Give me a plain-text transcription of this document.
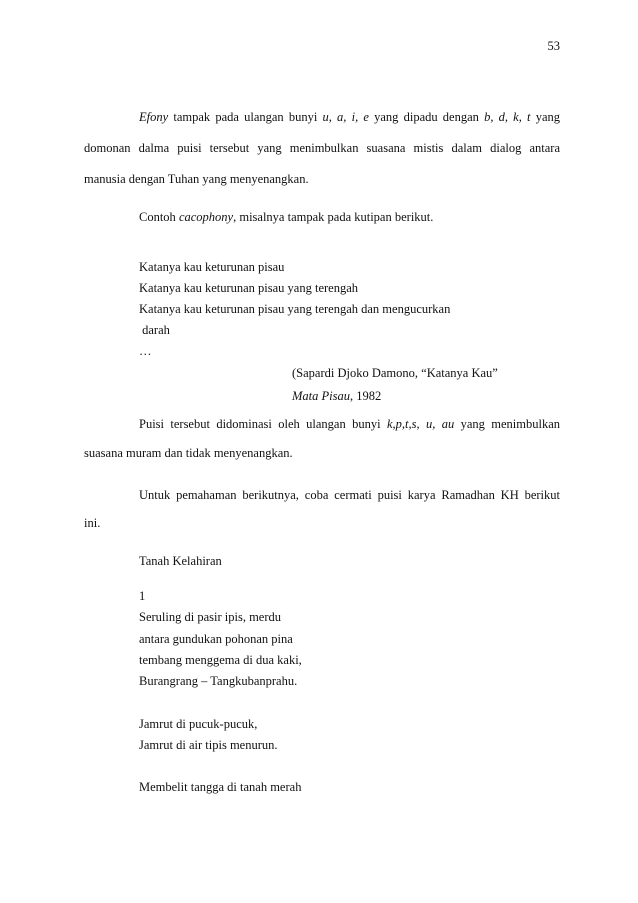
53
Efony tampak pada ulangan bunyi u, a, i, e yang dipadu dengan b, d, k, t yang
domonan dalma puisi tersebut yang menimbulkan suasana mistis dalam dialog antara
manusia dengan Tuhan yang menyenangkan.
Contoh cacophony, misalnya tampak pada kutipan berikut.
Katanya kau keturunan pisau
Katanya kau keturunan pisau yang terengah
Katanya kau keturunan pisau yang terengah dan mengucurkan
darah
…
(Sapardi Djoko Damono, “Katanya Kau”
Mata Pisau, 1982
Puisi tersebut didominasi oleh ulangan bunyi k,p,t,s, u, au yang menimbulkan
suasana muram dan tidak menyenangkan.
Untuk pemahaman berikutnya, coba cermati puisi karya Ramadhan KH berikut
ini.
Tanah Kelahiran
1
Seruling di pasir ipis, merdu
antara gundukan pohonan pina
tembang menggema di dua kaki,
Burangrang – Tangkubanprahu.
Jamrut di pucuk-pucuk,
Jamrut di air tipis menurun.
Membelit tangga di tanah merah
